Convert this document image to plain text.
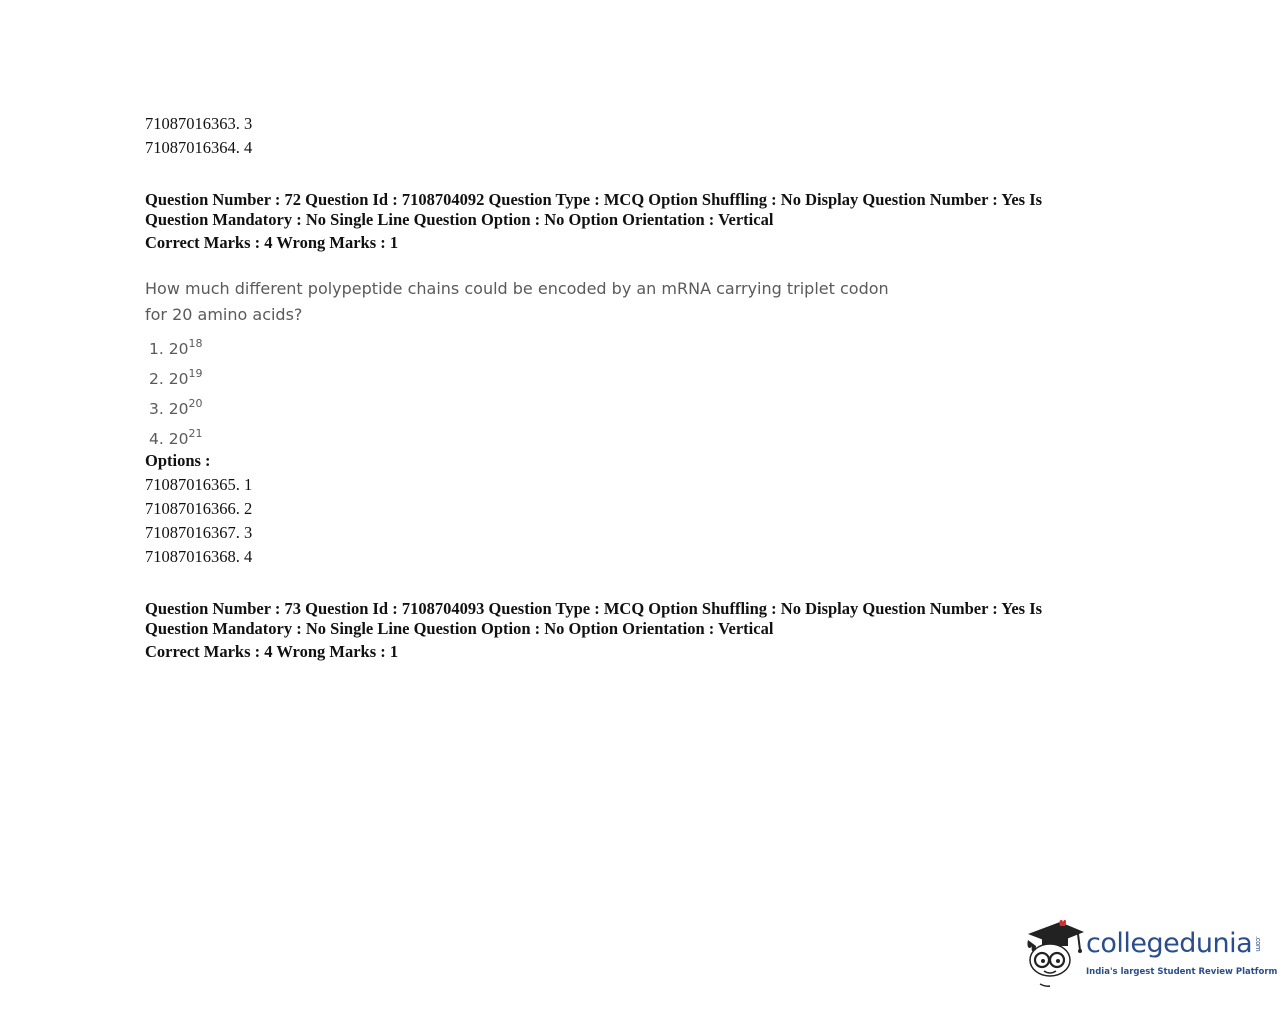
71087016363. 3
71087016364. 4
Question Number : 72 Question Id : 7108704092 Question Type : MCQ Option Shuffling : No Display Question Number : Yes Is
Question Mandatory : No Single Line Question Option : No Option Orientation : Vertical
Correct Marks : 4 Wrong Marks : 1
How much different polypeptide chains could be encoded by an mRNA carrying triplet codon
for 20 amino acids?
1. $20^{18}$
2. $20^{19}$
3. $20^{20}$
4. $20^{21}$
Options :
71087016365. 1
71087016366. 2
71087016367. 3
71087016368. 4
Question Number : 73 Question Id : 7108704093 Question Type : MCQ Option Shuffling : No Display Question Number : Yes Is
Question Mandatory : No Single Line Question Option : No Option Orientation : Vertical
Correct Marks : 4 Wrong Marks : 1
collegedunia .com
India's largest Student Review Platform
